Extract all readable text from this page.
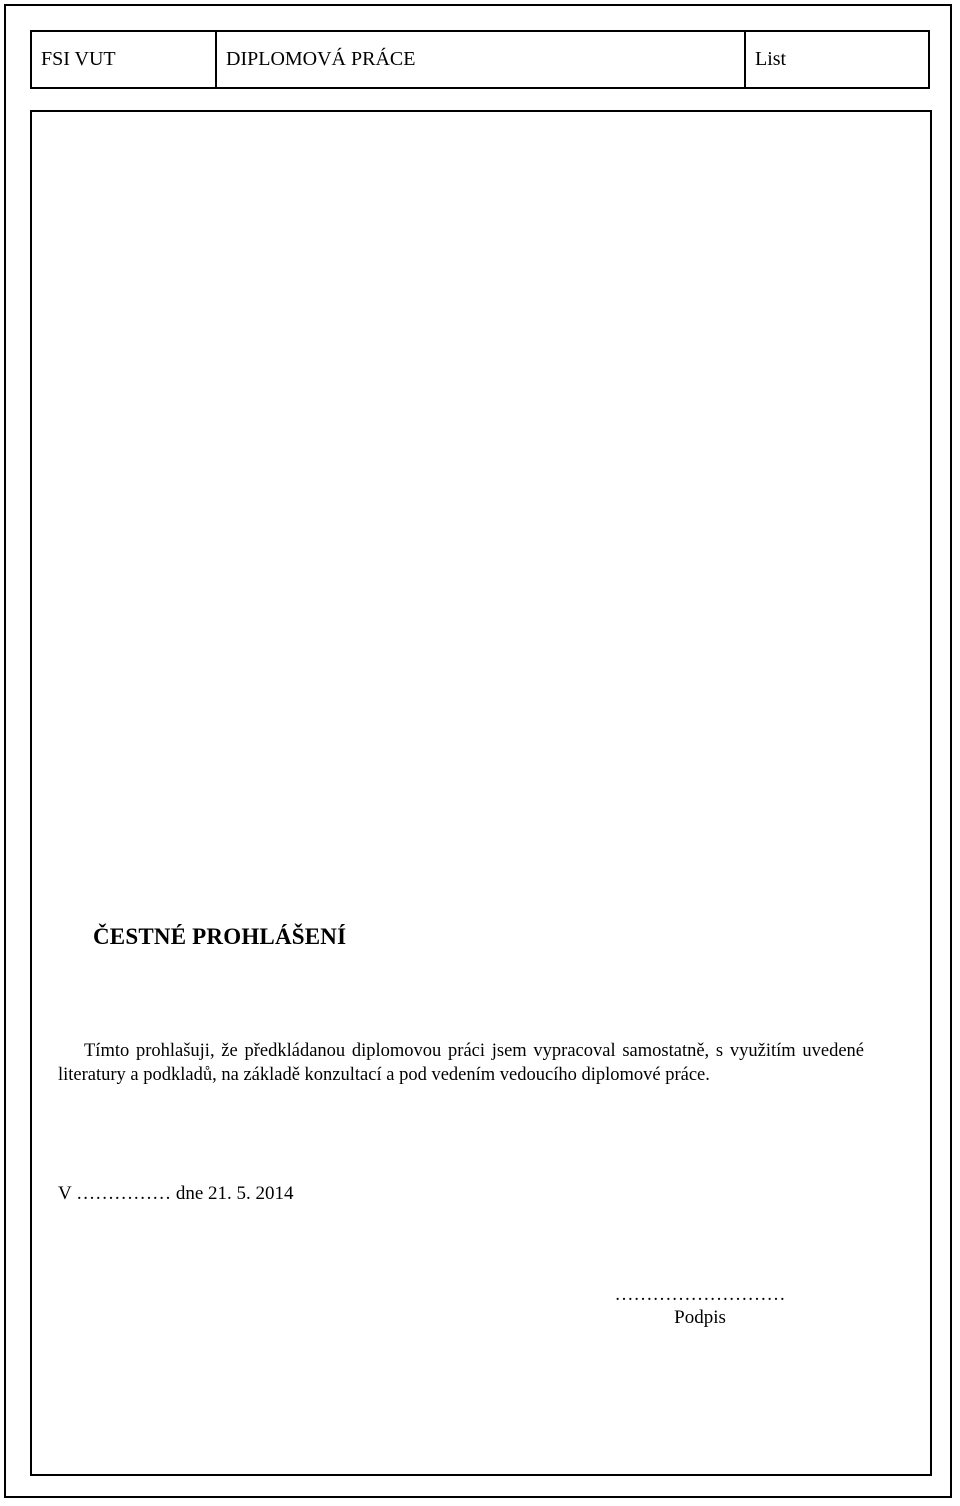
FSI VUT	DIPLOMOVÁ PRÁCE	List
ČESTNÉ PROHLÁŠENÍ

Tímto prohlašuji, že předkládanou diplomovou práci jsem vypracoval samostatně, s využitím uvedené literatury a podkladů, na základě konzultací a pod vedením vedoucího diplomové práce.

V …………… dne 21. 5. 2014

………………………
Podpis
